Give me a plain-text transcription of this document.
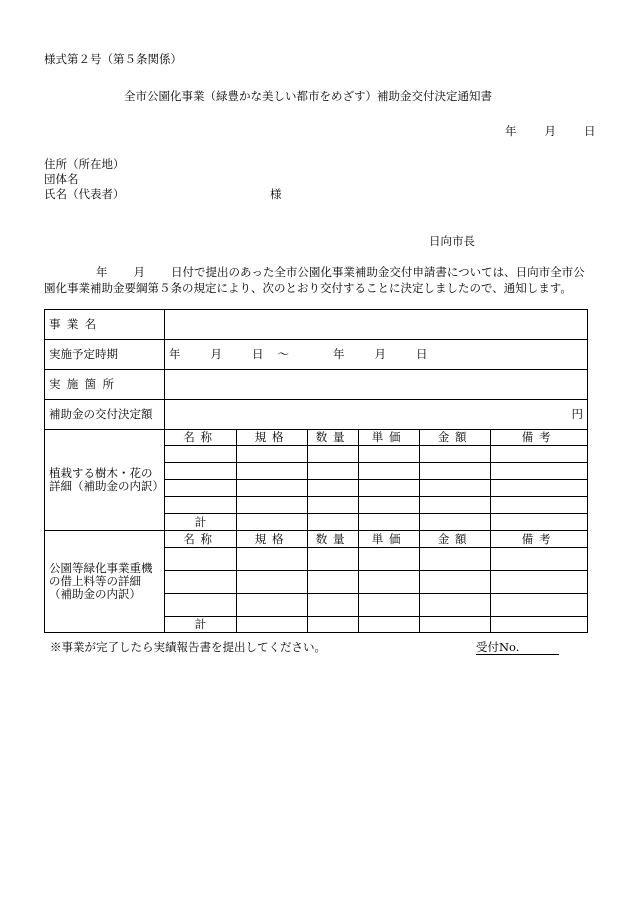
様式第２号（第５条関係）
全市公園化事業（緑豊かな美しい都市をめざす）補助金交付決定通知書
年 月 日
住所（所在地）
団体名
氏名（代表者）	様
日向市長
年 月 日付で提出のあった全市公園化事業補助金交付申請書については、日向市全市公園化事業補助金要綱第５条の規定により、次のとおり交付することに決定しましたので、通知します。
事業名						
実施予定時期	年 月 日 〜 年 月 日					
実施箇所						
補助金の交付決定額	円					
植栽する樹木・花の詳細（補助金の内訳）	名称	規格	数量	単価	金額	備考

	計					
公園等緑化事業重機の借上料等の詳細（補助金の内訳）	名称	規格	数量	単価	金額	備考

	計					
※事業が完了したら実績報告書を提出してください。	受付No.
